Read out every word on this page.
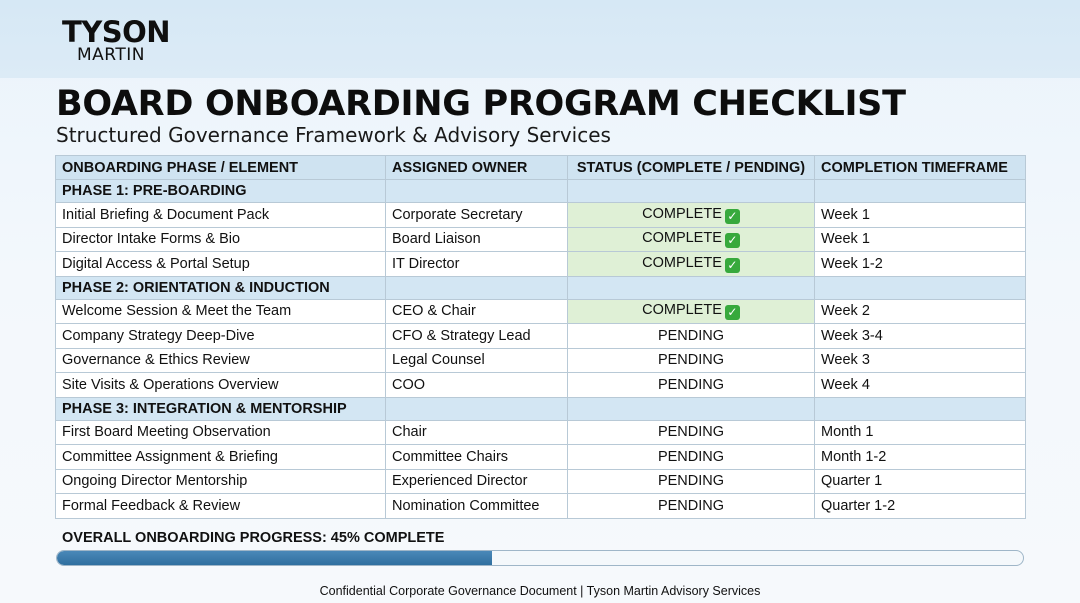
TYSON
MARTIN
BOARD ONBOARDING PROGRAM CHECKLIST

Structured Governance Framework & Advisory Services

ONBOARDING PHASE / ELEMENT	ASSIGNED OWNER	STATUS (COMPLETE / PENDING)	COMPLETION TIMEFRAME
PHASE 1: PRE-BOARDING			
Initial Briefing & Document Pack	Corporate Secretary	COMPLETE ✓	Week 1
Director Intake Forms & Bio	Board Liaison	COMPLETE ✓	Week 1
Digital Access & Portal Setup	IT Director	COMPLETE ✓	Week 1-2
PHASE 2: ORIENTATION & INDUCTION			
Welcome Session & Meet the Team	CEO & Chair	COMPLETE ✓	Week 2
Company Strategy Deep-Dive	CFO & Strategy Lead	PENDING	Week 3-4
Governance & Ethics Review	Legal Counsel	PENDING	Week 3
Site Visits & Operations Overview	COO	PENDING	Week 4
PHASE 3: INTEGRATION & MENTORSHIP			
First Board Meeting Observation	Chair	PENDING	Month 1
Committee Assignment & Briefing	Committee Chairs	PENDING	Month 1-2
Ongoing Director Mentorship	Experienced Director	PENDING	Quarter 1
Formal Feedback & Review	Nomination Committee	PENDING	Quarter 1-2
OVERALL ONBOARDING PROGRESS: 45% COMPLETE
Confidential Corporate Governance Document | Tyson Martin Advisory Services
